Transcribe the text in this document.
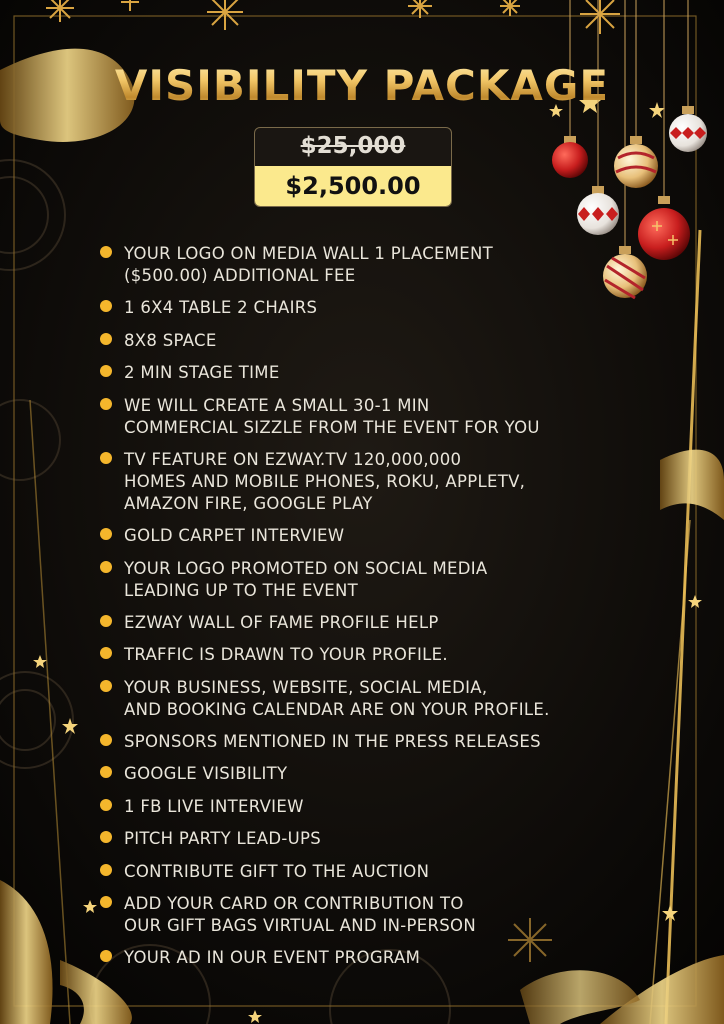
VISIBILITY PACKAGE
$25,000
$2,500.00
YOUR LOGO ON MEDIA WALL 1 PLACEMENT
($500.00) ADDITIONAL FEE
1 6X4 TABLE 2 CHAIRS
8X8 SPACE
2 MIN STAGE TIME
WE WILL CREATE A SMALL 30-1 MIN
COMMERCIAL SIZZLE FROM THE EVENT FOR YOU
TV FEATURE ON EZWAY.TV 120,000,000
HOMES AND MOBILE PHONES, ROKU, APPLETV,
AMAZON FIRE, GOOGLE PLAY
GOLD CARPET INTERVIEW
YOUR LOGO PROMOTED ON SOCIAL MEDIA
LEADING UP TO THE EVENT
EZWAY WALL OF FAME PROFILE HELP
TRAFFIC IS DRAWN TO YOUR PROFILE.
YOUR BUSINESS, WEBSITE, SOCIAL MEDIA,
AND BOOKING CALENDAR ARE ON YOUR PROFILE.
SPONSORS MENTIONED IN THE PRESS RELEASES
GOOGLE VISIBILITY
1 FB LIVE INTERVIEW
PITCH PARTY LEAD-UPS
CONTRIBUTE GIFT TO THE AUCTION
ADD YOUR CARD OR CONTRIBUTION TO
OUR GIFT BAGS VIRTUAL AND IN-PERSON
YOUR AD IN OUR EVENT PROGRAM
